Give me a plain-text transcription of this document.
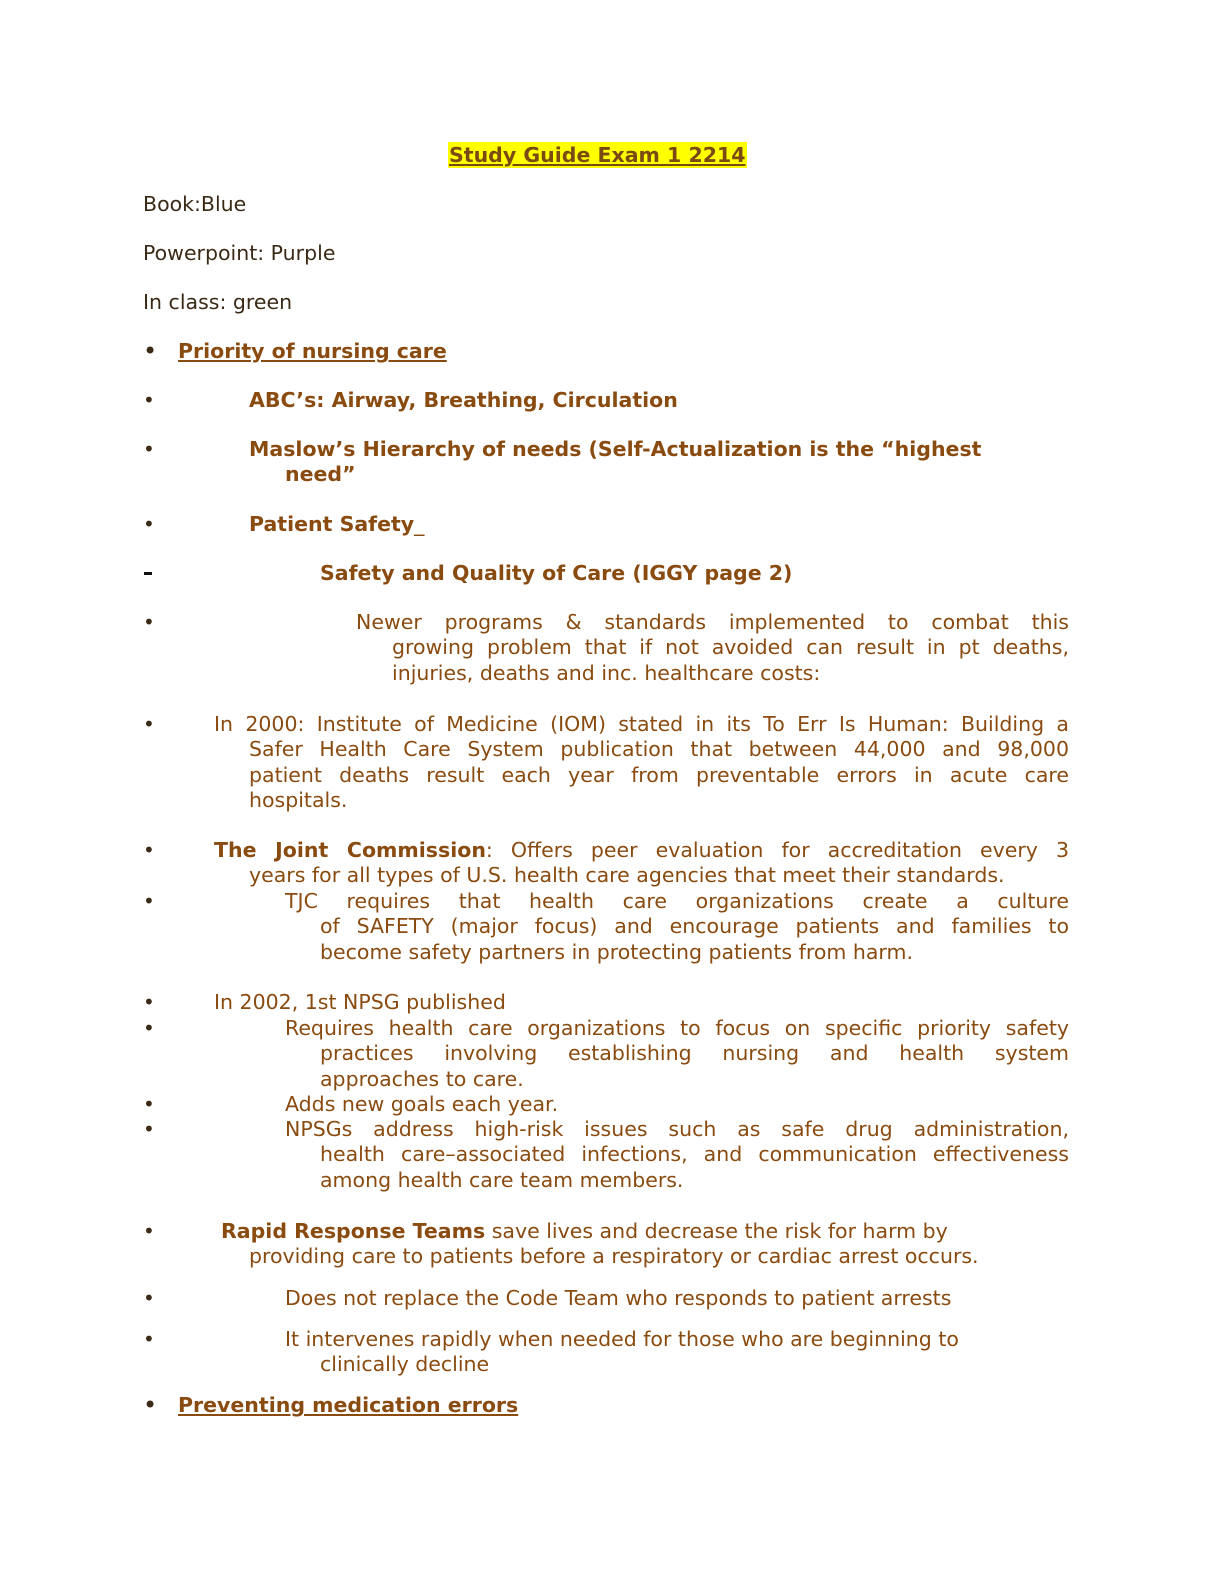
Study Guide Exam 1 2214
Book:Blue
Powerpoint: Purple
In class: green
• Priority of nursing care
•	ABC’s: Airway, Breathing, Circulation
•	Maslow’s Hierarchy of needs (Self-Actualization is the “highest
need”
•	Patient Safety_
Safety and Quality of Care (IGGY page 2)
•	Newer programs & standards implemented to combat this
growing problem that if not avoided can result in pt deaths,
injuries, deaths and inc. healthcare costs:
•	In 2000: Institute of Medicine (IOM) stated in its To Err Is Human: Building a
Safer Health Care System publication that between 44,000 and 98,000
patient deaths result each year from preventable errors in acute care
hospitals.
•	The Joint Commission: Offers peer evaluation for accreditation every 3
years for all types of U.S. health care agencies that meet their standards.
•	TJC requires that health care organizations create a culture
of SAFETY (major focus) and encourage patients and families to
become safety partners in protecting patients from harm.
•	In 2002, 1st NPSG published
•	Requires health care organizations to focus on specific priority safety
practices involving establishing nursing and health system
approaches to care.
•	Adds new goals each year.
•	NPSGs address high-risk issues such as safe drug administration,
health care–associated infections, and communication effectiveness
among health care team members.
•	Rapid Response Teams save lives and decrease the risk for harm by
providing care to patients before a respiratory or cardiac arrest occurs.
•	Does not replace the Code Team who responds to patient arrests
•	It intervenes rapidly when needed for those who are beginning to
clinically decline
• Preventing medication errors
